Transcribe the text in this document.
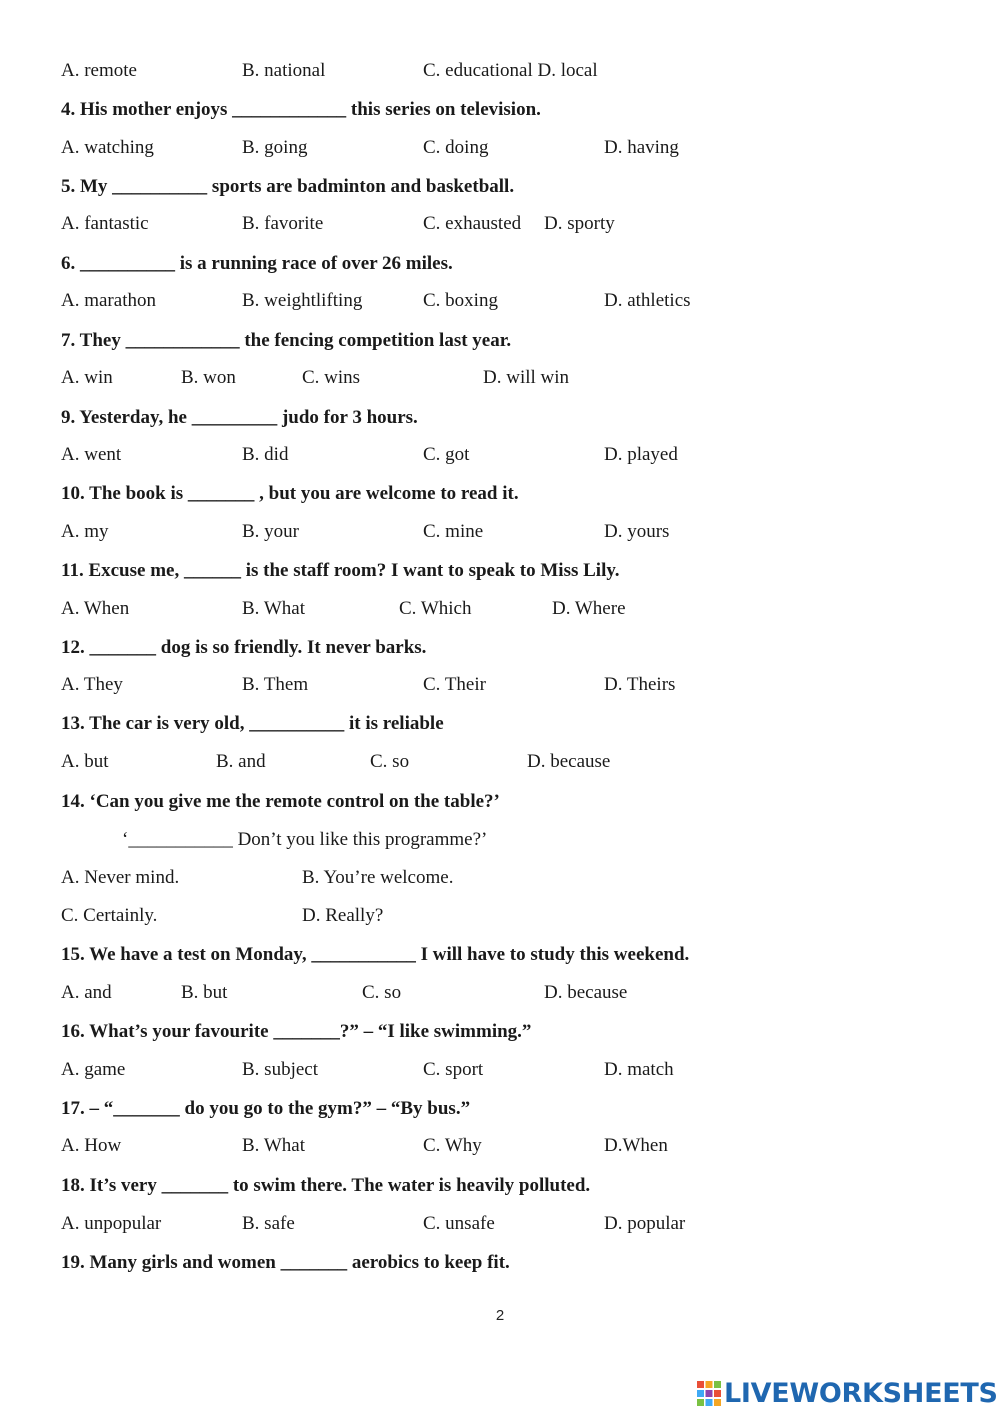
A. remote	B. national	C. educational D. local
4. His mother enjoys ____________ this series on television.
A. watching	B. going	C. doing	D. having
5. My __________ sports are badminton and basketball.
A. fantastic	B. favorite	C. exhausted D. sporty
6. __________ is a running race of over 26 miles.
A. marathon	B. weightlifting	C. boxing	D. athletics
7. They ____________ the fencing competition last year.
A. win	B. won	C. wins	D. will win
9. Yesterday, he _________ judo for 3 hours.
A. went	B. did	C. got	D. played
10. The book is _______ , but you are welcome to read it.
A. my	B. your	C. mine	D. yours
11. Excuse me, ______ is the staff room? I want to speak to Miss Lily.
A. When	B. What	C. Which	D. Where
12. _______ dog is so friendly. It never barks.
A. They	B. Them	C. Their	D. Theirs
13. The car is very old, __________ it is reliable
A. but	B. and	C. so	D. because
14. ‘Can you give me the remote control on the table?’
‘___________ Don’t you like this programme?’
A. Never mind.	B. You’re welcome.
C. Certainly.	D. Really?
15. We have a test on Monday, ___________ I will have to study this weekend.
A. and	B. but	C. so	D. because
16. What’s your favourite _______?” – “I like swimming.”
A. game	B. subject	C. sport	D. match
17. – “_______ do you go to the gym?” – “By bus.”
A. How	B. What	C. Why	D.When
18. It’s very _______ to swim there. The water is heavily polluted.
A. unpopular	B. safe	C. unsafe	D. popular
19. Many girls and women _______ aerobics to keep fit.
2
LIVEWORKSHEETS
